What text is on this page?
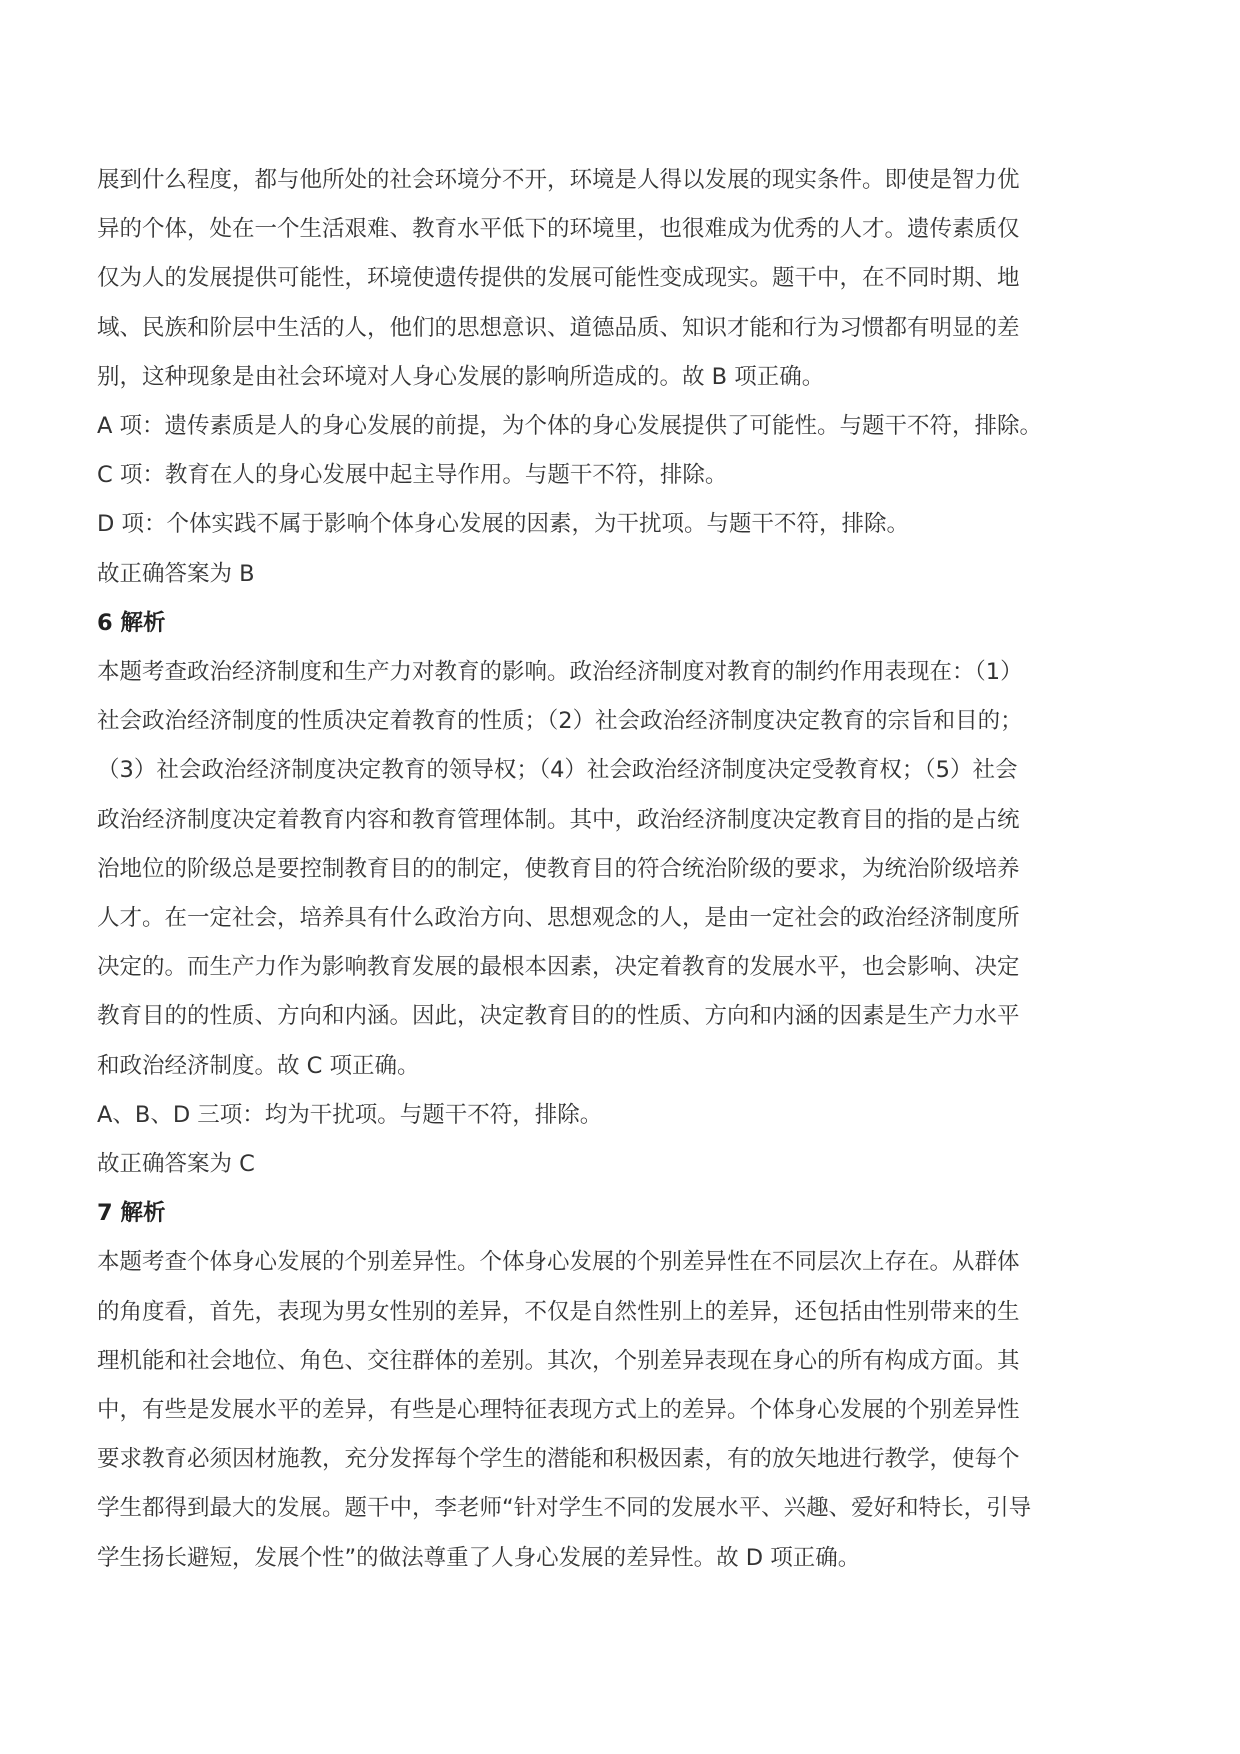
展到什么程度，都与他所处的社会环境分不开，环境是人得以发展的现实条件。即使是智力优
异的个体，处在一个生活艰难、教育水平低下的环境里，也很难成为优秀的人才。遗传素质仅
仅为人的发展提供可能性，环境使遗传提供的发展可能性变成现实。题干中，在不同时期、地
域、民族和阶层中生活的人，他们的思想意识、道德品质、知识才能和行为习惯都有明显的差
别，这种现象是由社会环境对人身心发展的影响所造成的。故 B 项正确。

A 项：遗传素质是人的身心发展的前提，为个体的身心发展提供了可能性。与题干不符，排除。

C 项：教育在人的身心发展中起主导作用。与题干不符，排除。

D 项：个体实践不属于影响个体身心发展的因素，为干扰项。与题干不符，排除。

故正确答案为 B

6 解析

本题考查政治经济制度和生产力对教育的影响。政治经济制度对教育的制约作用表现在：（1）
社会政治经济制度的性质决定着教育的性质；（2）社会政治经济制度决定教育的宗旨和目的；
（3）社会政治经济制度决定教育的领导权；（4）社会政治经济制度决定受教育权；（5）社会
政治经济制度决定着教育内容和教育管理体制。其中，政治经济制度决定教育目的指的是占统
治地位的阶级总是要控制教育目的的制定，使教育目的符合统治阶级的要求，为统治阶级培养
人才。在一定社会，培养具有什么政治方向、思想观念的人，是由一定社会的政治经济制度所
决定的。而生产力作为影响教育发展的最根本因素，决定着教育的发展水平，也会影响、决定
教育目的的性质、方向和内涵。因此，决定教育目的的性质、方向和内涵的因素是生产力水平
和政治经济制度。故 C 项正确。

A、B、D 三项：均为干扰项。与题干不符，排除。

故正确答案为 C

7 解析

本题考查个体身心发展的个别差异性。个体身心发展的个别差异性在不同层次上存在。从群体
的角度看，首先，表现为男女性别的差异，不仅是自然性别上的差异，还包括由性别带来的生
理机能和社会地位、角色、交往群体的差别。其次，个别差异表现在身心的所有构成方面。其
中，有些是发展水平的差异，有些是心理特征表现方式上的差异。个体身心发展的个别差异性
要求教育必须因材施教，充分发挥每个学生的潜能和积极因素，有的放矢地进行教学，使每个
学生都得到最大的发展。题干中，李老师“针对学生不同的发展水平、兴趣、爱好和特长，引导
学生扬长避短，发展个性”的做法尊重了人身心发展的差异性。故 D 项正确。
